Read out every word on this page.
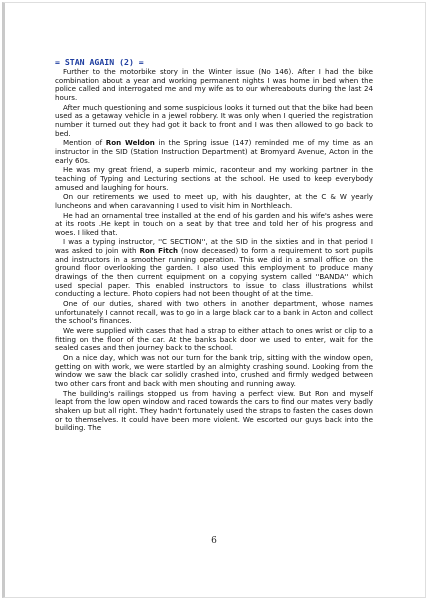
= STAN AGAIN (2) =

Further to the motorbike story in the Winter issue (No 146). After I had the bike combination about a year and working permanent nights I was home in bed when the police called and interrogated me and my wife as to our whereabouts during the last 24 hours.

After much questioning and some suspicious looks it turned out that the bike had been used as a getaway vehicle in a jewel robbery. It was only when I queried the registration number it turned out they had got it back to front and I was then allowed to go back to bed.

Mention of Ron Weldon in the Spring issue (147) reminded me of my time as an instructor in the SID (Station Instruction Department) at Bromyard Avenue, Acton in the early 60s.

He was my great friend, a superb mimic, raconteur and my working partner in the teaching of Typing and Lecturing sections at the school. He used to keep everybody amused and laughing for hours.

On our retirements we used to meet up, with his daughter, at the C & W yearly luncheons and when caravanning I used to visit him in Northleach.

He had an ornamental tree installed at the end of his garden and his wife's ashes were at its roots .He kept in touch on a seat by that tree and told her of his progress and woes. I liked that.

I was a typing instructor, ''C SECTION'', at the SID in the sixties and in that period I was asked to join with Ron Fitch (now deceased) to form a requirement to sort pupils and instructors in a smoother running operation. This we did in a small office on the ground floor overlooking the garden. I also used this employment to produce many drawings of the then current equipment on a copying system called ''BANDA'' which used special paper. This enabled instructors to issue to class illustrations whilst conducting a lecture. Photo copiers had not been thought of at the time.

One of our duties, shared with two others in another department, whose names unfortunately I cannot recall, was to go in a large black car to a bank in Acton and collect the school's finances.

We were supplied with cases that had a strap to either attach to ones wrist or clip to a fitting on the floor of the car. At the banks back door we used to enter, wait for the sealed cases and then journey back to the school.

On a nice day, which was not our turn for the bank trip, sitting with the window open, getting on with work, we were startled by an almighty crashing sound. Looking from the window we saw the black car solidly crashed into, crushed and firmly wedged between two other cars front and back with men shouting and running away.

The building's railings stopped us from having a perfect view. But Ron and myself leapt from the low open window and raced towards the cars to find our mates very badly shaken up but all right. They hadn't fortunately used the straps to fasten the cases down or to themselves. It could have been more violent. We escorted our guys back into the building. The

6
